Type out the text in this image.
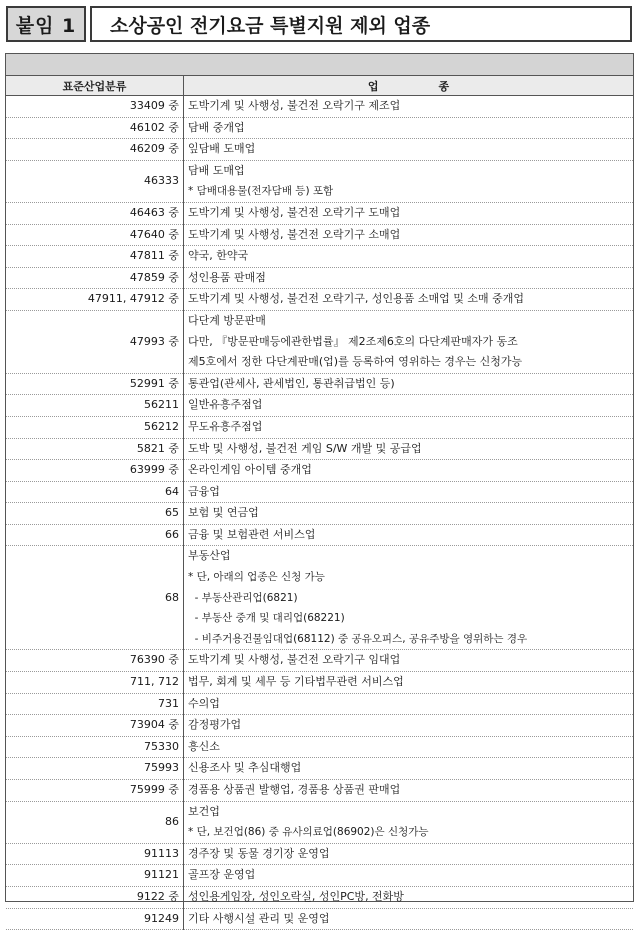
붙임 1	소상공인 전기요금 특별지원 제외 업종
표준산업분류	업 종
33409 중	도박기계 및 사행성, 불건전 오락기구 제조업

46102 중	담배 중개업

46209 중	잎담배 도매업

46333	담배 도매업
* 담배대용물(전자담배 등) 포함

46463 중	도박기계 및 사행성, 불건전 오락기구 도매업

47640 중	도박기계 및 사행성, 불건전 오락기구 소매업

47811 중	약국, 한약국

47859 중	성인용품 판매점

47911, 47912 중	도박기계 및 사행성, 불건전 오락기구, 성인용품 소매업 및 소매 중개업

47993 중	다단계 방문판매
다만, 『방문판매등에관한법률』 제2조제6호의 다단계판매자가 동조
제5호에서 정한 다단계판매(업)를 등록하여 영위하는 경우는 신청가능

52991 중	통관업(관세사, 관세법인, 통관취급법인 등)

56211	일반유흥주점업

56212	무도유흥주점업

5821 중	도박 및 사행성, 불건전 게임 S/W 개발 및 공급업

63999 중	온라인게임 아이템 중개업

64	금융업

65	보험 및 연금업

66	금융 및 보험관련 서비스업

68	부동산업
* 단, 아래의 업종은 신청 가능
- 부동산관리업(6821)
- 부동산 중개 및 대리업(68221)
- 비주거용건물임대업(68112) 중 공유오피스, 공유주방을 영위하는 경우

76390 중	도박기계 및 사행성, 불건전 오락기구 임대업

711, 712	법무, 회계 및 세무 등 기타법무관련 서비스업

731	수의업

73904 중	감정평가업

75330	흥신소

75993	신용조사 및 추심대행업

75999 중	경품용 상품권 발행업, 경품용 상품권 판매업

86	보건업
* 단, 보건업(86) 중 유사의료업(86902)은 신청가능

91113	경주장 및 동물 경기장 운영업

91121	골프장 운영업

9122 중	성인용게임장, 성인오락실, 성인PC방, 전화방

91249	기타 사행시설 관리 및 운영업
